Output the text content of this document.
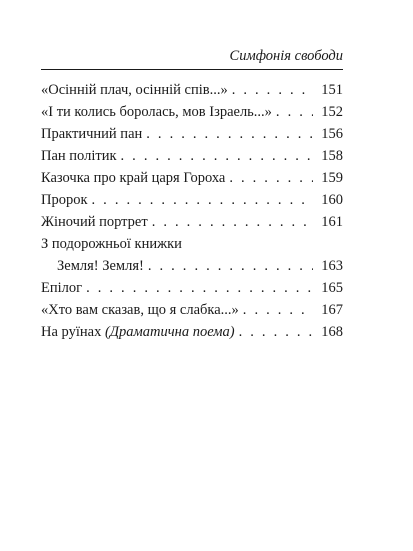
Симфонія свободи
«Осінній плач, осінній спів...» . . .	151
«І ти колись боролась, мов Ізраель...» . . .	152
Практичний пан . . .	156
Пан політик . . .	158
Казочка про край царя Гороха . . .	159
Пророк . . .	160
Жіночий портрет . . .	161
З подорожньої книжки
Земля! Земля! . . .	163
Епілог . . .	165
«Хто вам сказав, що я слабка...» . . .	167
На руїнах (Драматична поема) . . .	168
